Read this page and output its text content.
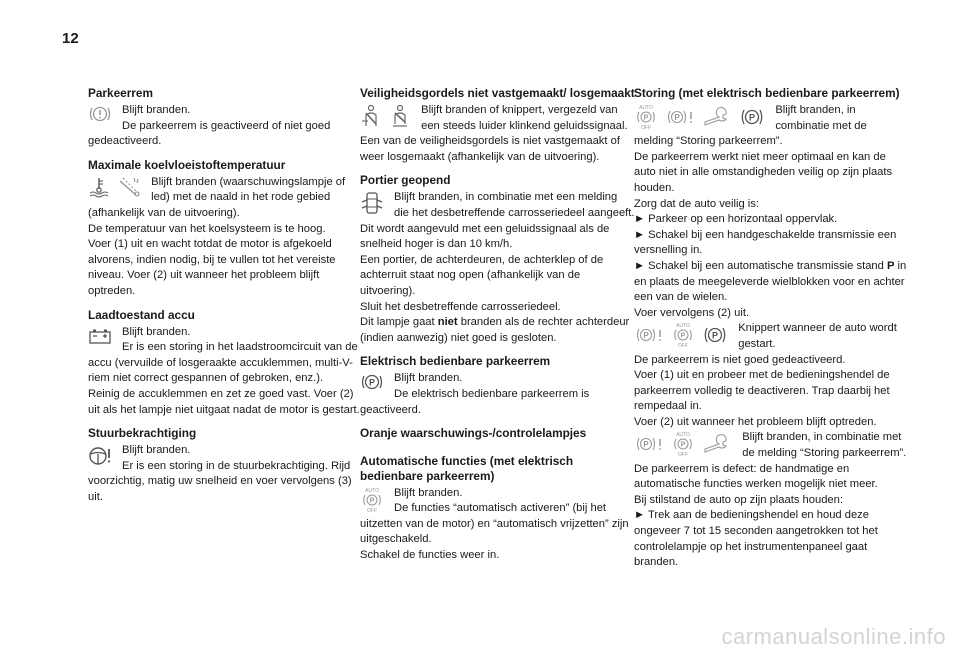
12
Parkeerrem

Blijft branden.

De parkeerrem is geactiveerd of niet goed gedeactiveerd.

Maximale koelvloeistoftemperatuur

Blijft branden (waarschuwingslampje of led) met de naald in het rode gebied (afhankelijk van de uitvoering).

De temperatuur van het koelsysteem is te hoog.

Voer (1) uit en wacht totdat de motor is afgekoeld alvorens, indien nodig, bij te vullen tot het vereiste niveau. Voer (2) uit wanneer het probleem blijft optreden.

Laadtoestand accu

Blijft branden.

Er is een storing in het laadstroomcircuit van de accu (vervuilde of losgeraakte accuklemmen, multi-V-riem niet correct gespannen of gebroken, enz.).

Reinig de accuklemmen en zet ze goed vast. Voer (2) uit als het lampje niet uitgaat nadat de motor is gestart.

Stuurbekrachtiging

Blijft branden.

Er is een storing in de stuurbekrachtiging. Rijd voorzichtig, matig uw snelheid en voer vervolgens (3) uit.

Veiligheidsgordels niet vastgemaakt/ losgemaakt

Blijft branden of knippert, vergezeld van een steeds luider klinkend geluidssignaal.

Een van de veiligheidsgordels is niet vastgemaakt of weer losgemaakt (afhankelijk van de uitvoering).

Portier geopend

Blijft branden, in combinatie met een melding die het desbetreffende carrosseriedeel aangeeft.

Dit wordt aangevuld met een geluidssignaal als de snelheid hoger is dan 10 km/h.

Een portier, de achterdeuren, de achterklep of de achterruit staat nog open (afhankelijk van de uitvoering).

Sluit het desbetreffende carrosseriedeel.

Dit lampje gaat niet branden als de rechter achterdeur (indien aanwezig) niet goed is gesloten.

Elektrisch bedienbare parkeerrem
P	Blijft branden.

De elektrisch bedienbare parkeerrem is geactiveerd.

Oranje waarschuwings-/controlelampjes
Automatische functies (met elektrisch bedienbare parkeerrem)
AUTO
P
OFF

Blijft branden.

De functies “automatisch activeren” (bij het uitzetten van de motor) en “automatisch vrijzetten” zijn uitgeschakeld.

Schakel de functies weer in.

Storing (met elektrisch bedienbare parkeerrem)
AUTO
P
OFF

P
	P

Blijft branden, in combinatie met de melding “Storing parkeerrem”.

De parkeerrem werkt niet meer optimaal en kan de auto niet in alle omstandigheden veilig op zijn plaats houden.

Zorg dat de auto veilig is:

► Parkeer op een horizontaal oppervlak.

► Schakel bij een handgeschakelde transmissie een versnelling in.

► Schakel bij een automatische transmissie stand P in en plaats de meegeleverde wielblokken voor en achter een van de wielen.

Voer vervolgens (2) uit.

P

AUTO
P
OFF

P

Knippert wanneer de auto wordt gestart.

De parkeerrem is niet goed gedeactiveerd.

Voer (1) uit en probeer met de bedieningshendel de parkeerrem volledig te deactiveren. Trap daarbij het rempedaal in.

Voer (2) uit wanneer het probleem blijft optreden.

P

AUTO
P
OFF

Blijft branden, in combinatie met de melding “Storing parkeerrem”.

De parkeerrem is defect: de handmatige en automatische functies werken mogelijk niet meer.

Bij stilstand de auto op zijn plaats houden:

► Trek aan de bedieningshendel en houd deze ongeveer 7 tot 15 seconden aangetrokken tot het controlelampje op het instrumentenpaneel gaat branden.

carmanualsonline.info
